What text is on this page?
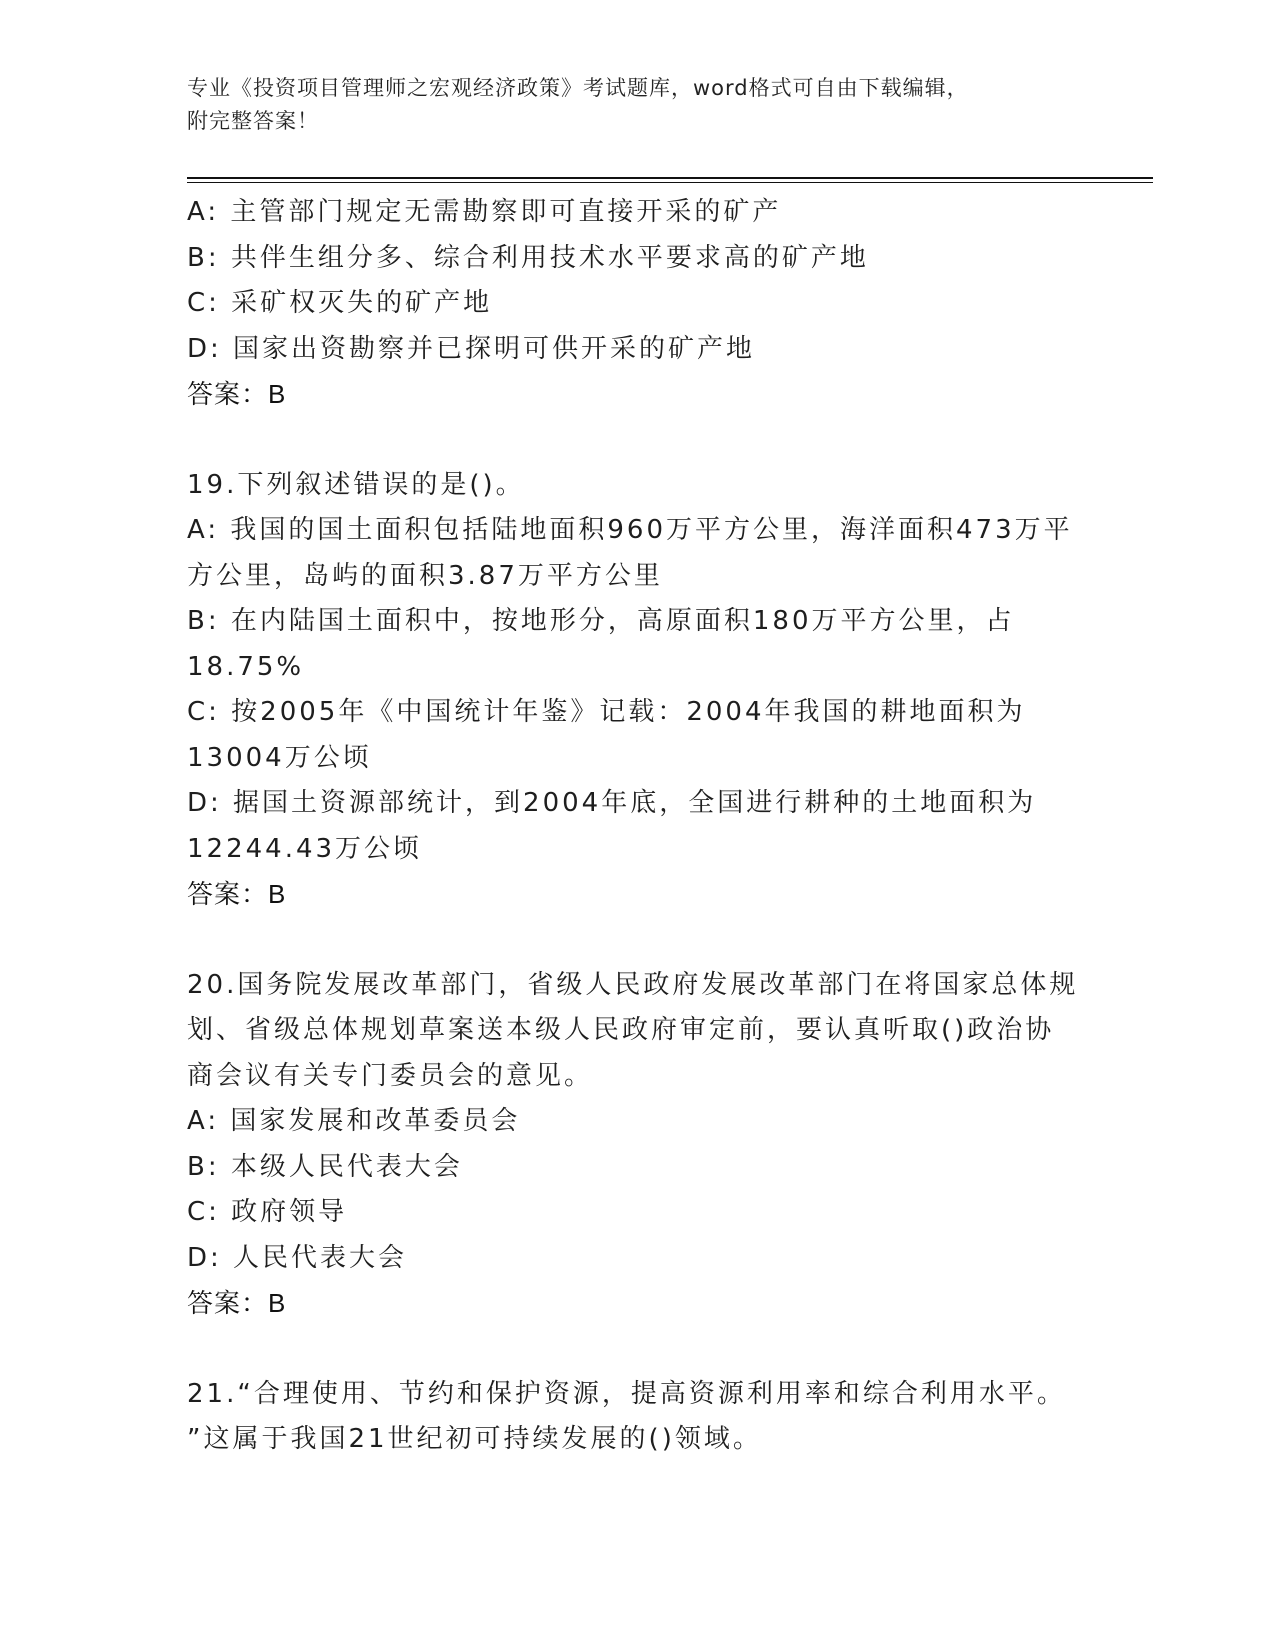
专业《投资项目管理师之宏观经济政策》考试题库，word格式可自由下载编辑，
附完整答案！
A: 主管部门规定无需勘察即可直接开采的矿产
B: 共伴生组分多、综合利用技术水平要求高的矿产地
C: 采矿权灭失的矿产地
D: 国家出资勘察并已探明可供开采的矿产地
答案：B
19.下列叙述错误的是()。
A: 我国的国土面积包括陆地面积960万平方公里，海洋面积473万平
方公里，岛屿的面积3.87万平方公里
B: 在内陆国土面积中，按地形分，高原面积180万平方公里，占
18.75%
C: 按2005年《中国统计年鉴》记载：2004年我国的耕地面积为
13004万公顷
D: 据国土资源部统计，到2004年底，全国进行耕种的土地面积为
12244.43万公顷
答案：B
20.国务院发展改革部门，省级人民政府发展改革部门在将国家总体规
划、省级总体规划草案送本级人民政府审定前，要认真听取()政治协
商会议有关专门委员会的意见。
A: 国家发展和改革委员会
B: 本级人民代表大会
C: 政府领导
D: 人民代表大会
答案：B
21.“合理使用、节约和保护资源，提高资源利用率和综合利用水平。
”这属于我国21世纪初可持续发展的()领域。
